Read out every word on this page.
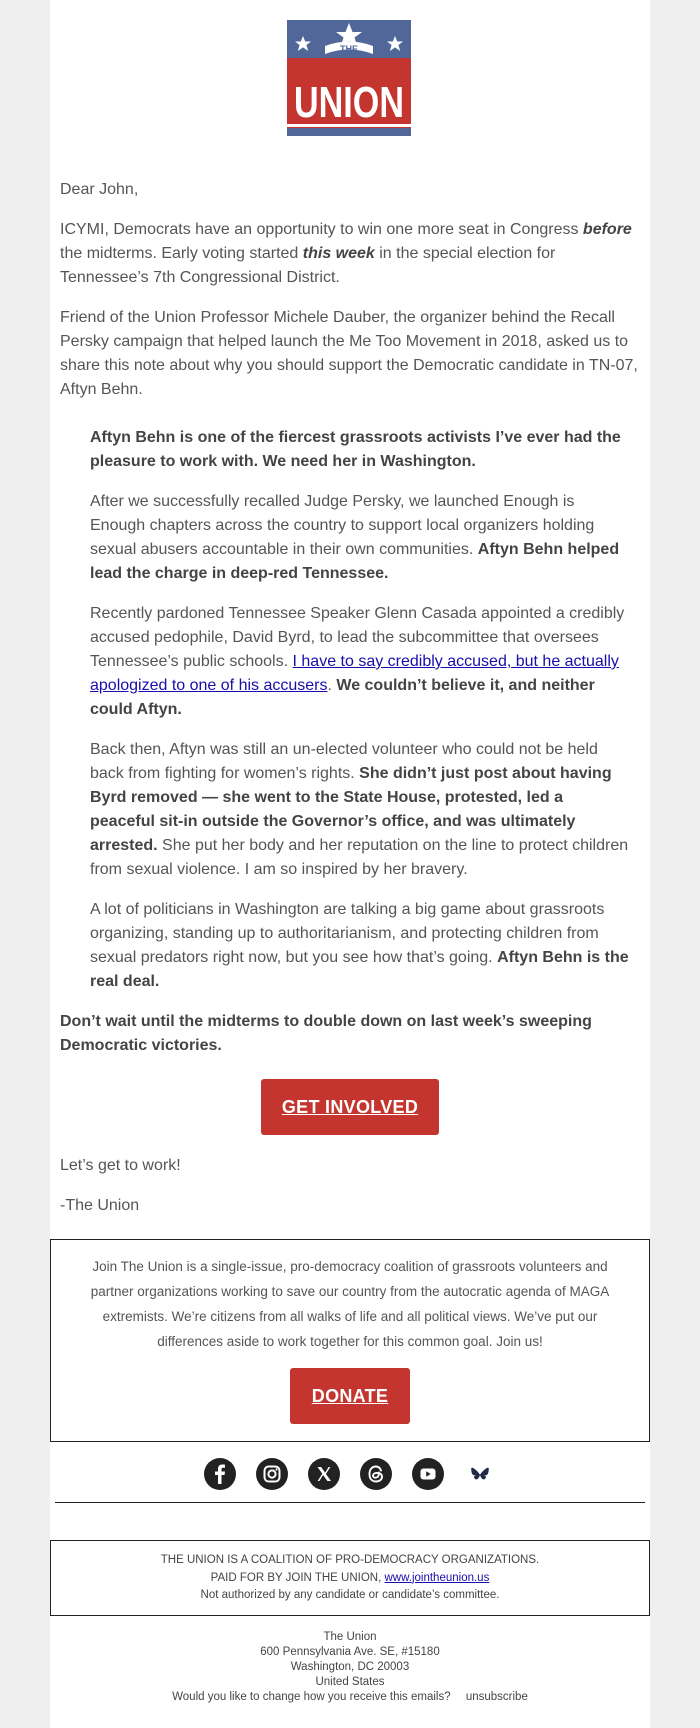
THE
UNION

Dear John,

ICYMI, Democrats have an opportunity to win one more seat in Congress before the midterms. Early voting started this week in the special election for Tennessee’s 7th Congressional District.

Friend of the Union Professor Michele Dauber, the organizer behind the Recall Persky campaign that helped launch the Me Too Movement in 2018, asked us to share this note about why you should support the Democratic candidate in TN-07, Aftyn Behn.

Aftyn Behn is one of the fiercest grassroots activists I’ve ever had the pleasure to work with. We need her in Washington.

After we successfully recalled Judge Persky, we launched Enough is Enough chapters across the country to support local organizers holding sexual abusers accountable in their own communities. Aftyn Behn helped lead the charge in deep-red Tennessee.

Recently pardoned Tennessee Speaker Glenn Casada appointed a credibly accused pedophile, David Byrd, to lead the subcommittee that oversees Tennessee’s public schools. I have to say credibly accused, but he actually apologized to one of his accusers. We couldn’t believe it, and neither could Aftyn.

Back then, Aftyn was still an un-elected volunteer who could not be held back from fighting for women’s rights. She didn’t just post about having Byrd removed — she went to the State House, protested, led a peaceful sit-in outside the Governor’s office, and was ultimately arrested. She put her body and her reputation on the line to protect children from sexual violence. I am so inspired by her bravery.

A lot of politicians in Washington are talking a big game about grassroots organizing, standing up to authoritarianism, and protecting children from sexual predators right now, but you see how that’s going. Aftyn Behn is the real deal.

Don’t wait until the midterms to double down on last week’s sweeping Democratic victories.

GET INVOLVED

Let’s get to work!

-The Union

Join The Union is a single-issue, pro-democracy coalition of grassroots volunteers and partner organizations working to save our country from the autocratic agenda of MAGA extremists. We’re citizens from all walks of life and all political views. We’ve put our differences aside to work together for this common goal. Join us!
DONATE
THE UNION IS A COALITION OF PRO-DEMOCRACY ORGANIZATIONS.
PAID FOR BY JOIN THE UNION, www.jointheunion.us
Not authorized by any candidate or candidate’s committee.
The Union
600 Pennsylvania Ave. SE, #15180
Washington, DC 20003
United States
Would you like to change how you receive this emails? unsubscribe
